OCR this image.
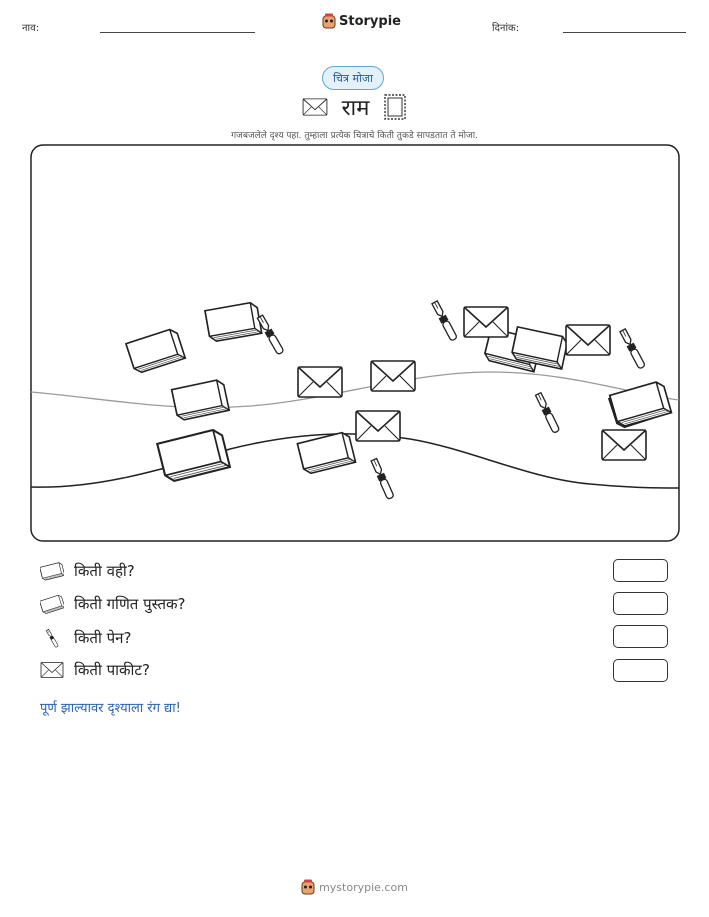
नाव:	Storypie	दिनांक:
चित्र मोजा
राम
गजबजलेले दृश्य पहा. तुम्हाला प्रत्येक चित्राचे किती तुकडे सापडतात ते मोजा.
किती वही?
किती गणित पुस्तक?
किती पेन?
किती पाकीट?
पूर्ण झाल्यावर दृश्याला रंग द्या!
mystorypie.com
